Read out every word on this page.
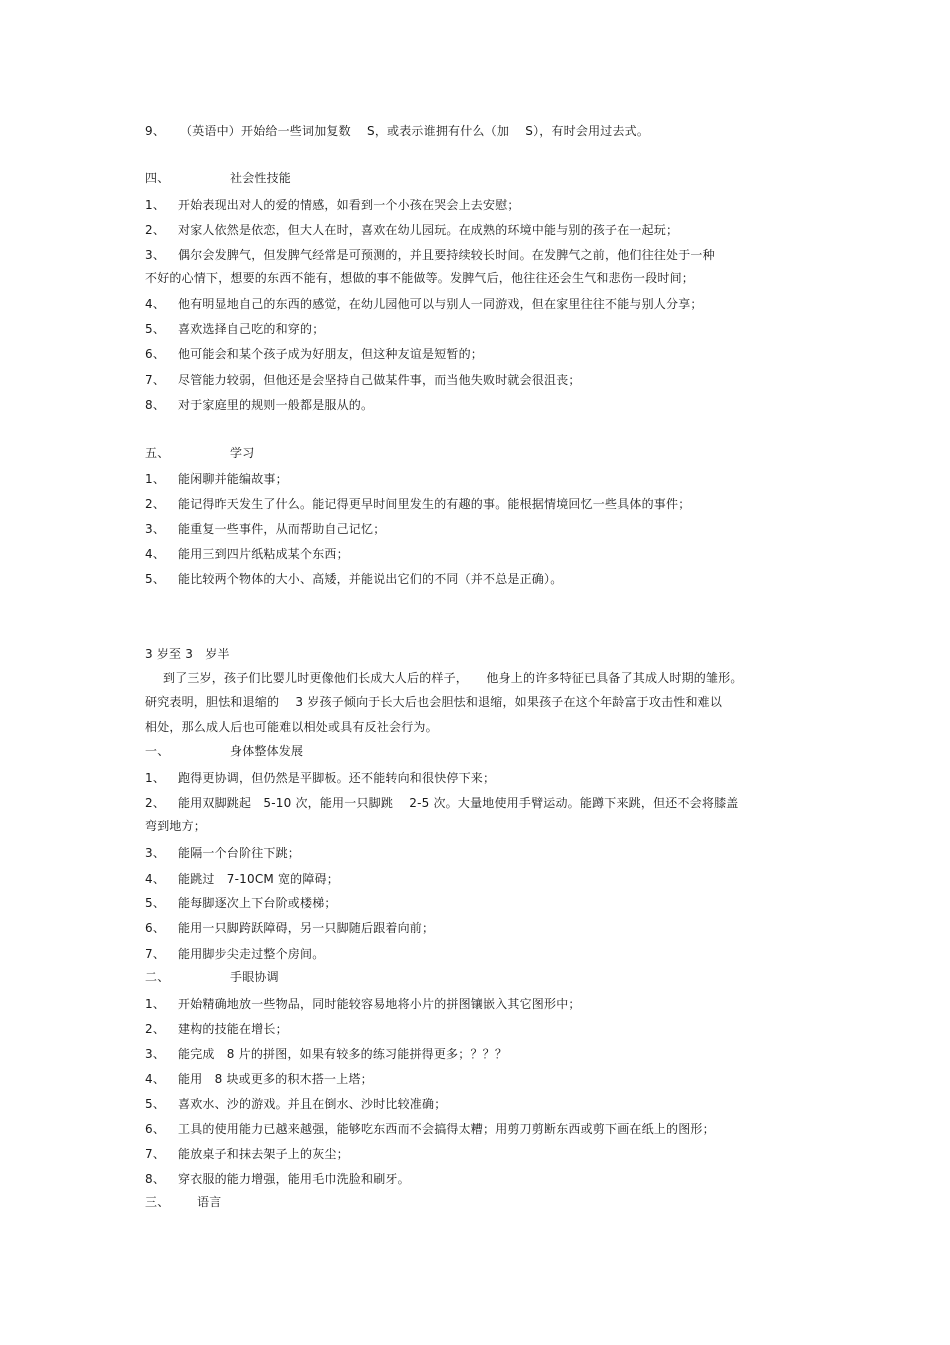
9、 （英语中）开始给一些词加复数　 S，或表示谁拥有什么（加　 S），有时会用过去式。
四、	社会性技能
1、 开始表现出对人的爱的情感，如看到一个小孩在哭会上去安慰；
2、 对家人依然是依恋，但大人在时，喜欢在幼儿园玩。在成熟的环境中能与别的孩子在一起玩；
3、 偶尔会发脾气，但发脾气经常是可预测的，并且要持续较长时间。在发脾气之前，他们往往处于一种
不好的心情下，想要的东西不能有，想做的事不能做等。发脾气后，他往往还会生气和悲伤一段时间；
4、 他有明显地自己的东西的感觉，在幼儿园他可以与别人一同游戏，但在家里往往不能与别人分享；
5、 喜欢选择自己吃的和穿的；
6、 他可能会和某个孩子成为好朋友，但这种友谊是短暂的；
7、 尽管能力较弱，但他还是会坚持自己做某件事，而当他失败时就会很沮丧；
8、 对于家庭里的规则一般都是服从的。
五、	学习
1、 能闲聊并能编故事；
2、 能记得昨天发生了什么。能记得更早时间里发生的有趣的事。能根据情境回忆一些具体的事件；
3、 能重复一些事件，从而帮助自己记忆；
4、 能用三到四片纸粘成某个东西；
5、 能比较两个物体的大小、高矮，并能说出它们的不同（并不总是正确）。
3 岁至 3　岁半
到了三岁，孩子们比婴儿时更像他们长成大人后的样子，　　他身上的许多特征已具备了其成人时期的雏形。
研究表明，胆怯和退缩的　 3 岁孩子倾向于长大后也会胆怯和退缩，如果孩子在这个年龄富于攻击性和难以
相处，那么成人后也可能难以相处或具有反社会行为。
一、	身体整体发展
1、 跑得更协调，但仍然是平脚板。还不能转向和很快停下来；
2、 能用双脚跳起　5-10 次，能用一只脚跳　 2-5 次。大量地使用手臂运动。能蹲下来跳，但还不会将膝盖
弯到地方；
3、 能隔一个台阶往下跳；
4、 能跳过　7-10CM 宽的障碍；
5、 能每脚逐次上下台阶或楼梯；
6、 能用一只脚跨跃障碍，另一只脚随后跟着向前；
7、 能用脚步尖走过整个房间。
二、	手眼协调
1、 开始精确地放一些物品，同时能较容易地将小片的拼图镶嵌入其它图形中；
2、 建构的技能在增长；
3、 能完成　8 片的拼图，如果有较多的练习能拼得更多；？？？
4、 能用　8 块或更多的积木搭一上塔；
5、 喜欢水、沙的游戏。并且在倒水、沙时比较准确；
6、 工具的使用能力已越来越强，能够吃东西而不会搞得太糟；用剪刀剪断东西或剪下画在纸上的图形；
7、 能放桌子和抹去架子上的灰尘；
8、 穿衣服的能力增强，能用毛巾洗脸和刷牙。
三、 语言
